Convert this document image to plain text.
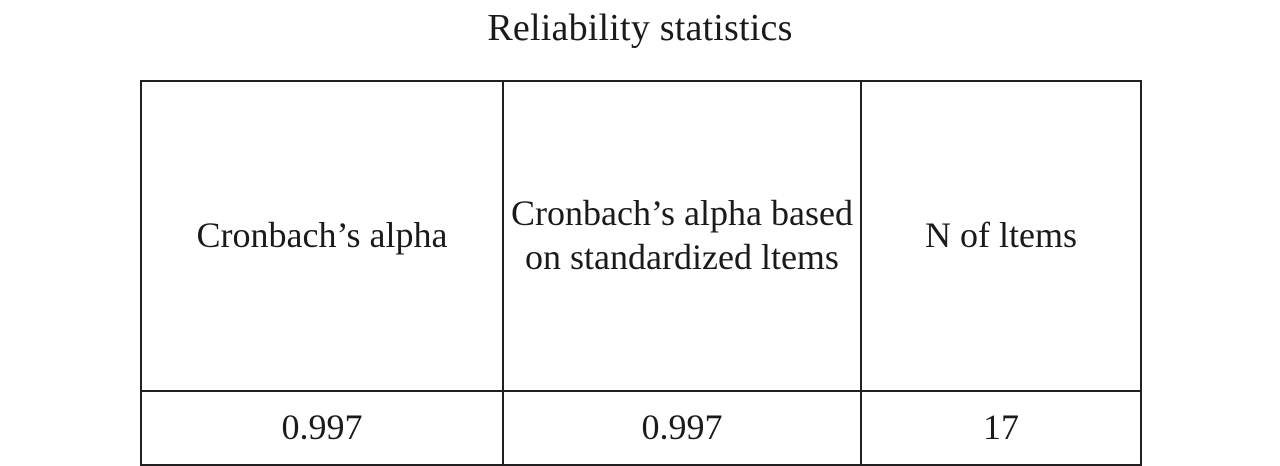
Reliability statistics
Cronbach’s alpha	Cronbach’s alpha based on standardized ltems	N of ltems
0.997	0.997	17
